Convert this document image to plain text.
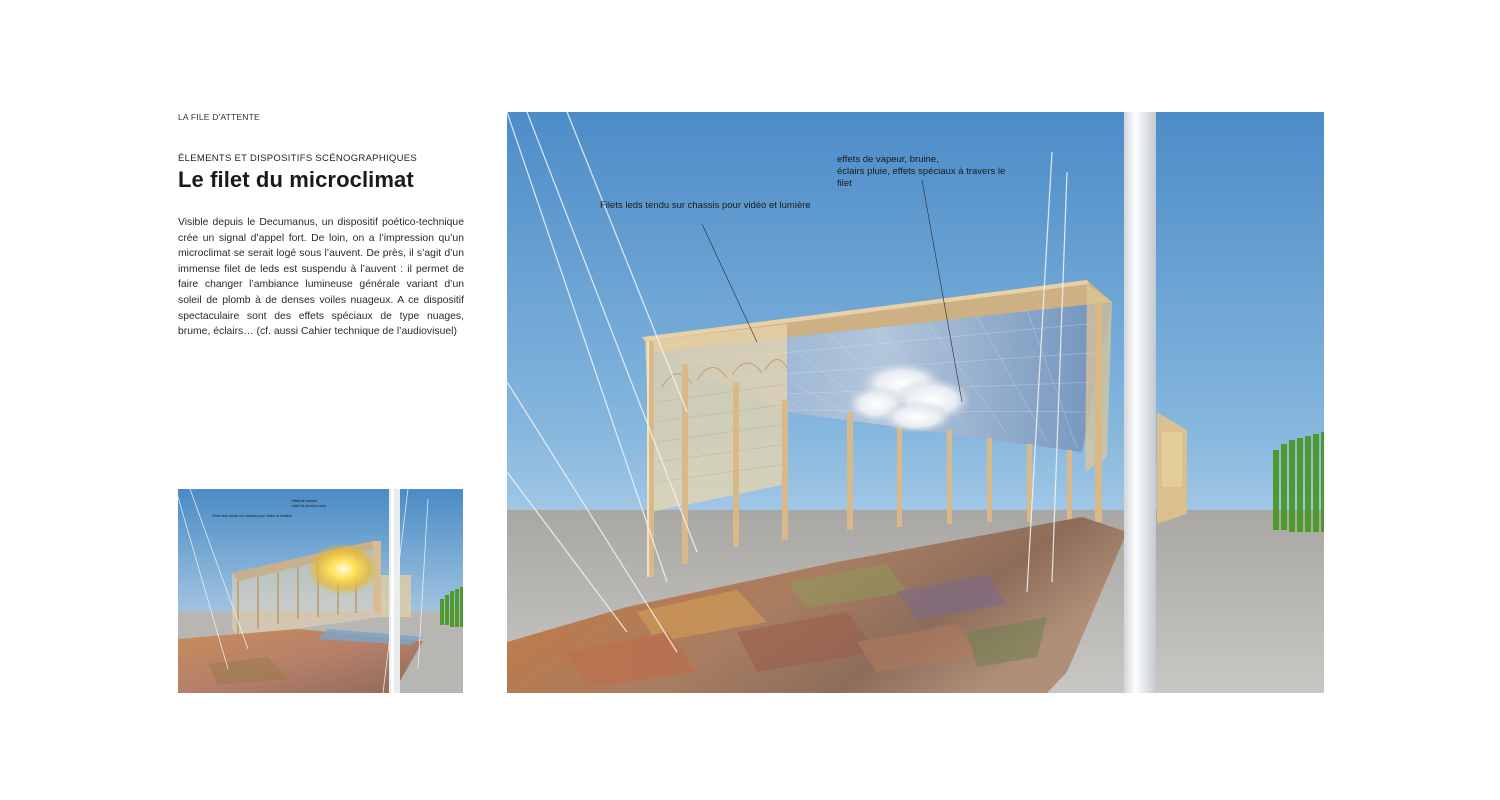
LA FILE D'ATTENTE
ÉLEMENTS ET DISPOSITIFS SCÉNOGRAPHIQUES
Le filet du microclimat
Visible depuis le Decumanus, un dispositif poético-technique crée un signal d’appel fort. De loin, on a l’impression qu’un microclimat se serait logé sous l’auvent. De près, il s’agit d’un immense filet de leds est suspendu à l’auvent : il permet de faire changer l’ambiance lumineuse générale variant d’un soleil de plomb à de denses voiles nuageux. A ce dispositif spectaculaire sont des effets spéciaux de type nuages, brume, éclairs… (cf. aussi Cahier technique de l’audiovisuel)
Filets leds tendu sur chassis pour vidéo et lumière
effets de lumière
soleil de plomb et ocre
Filets leds tendu sur chassis pour vidéo et lumière
effets de vapeur, bruine,
éclairs pluie, effets spéciaux à travers le
filet
